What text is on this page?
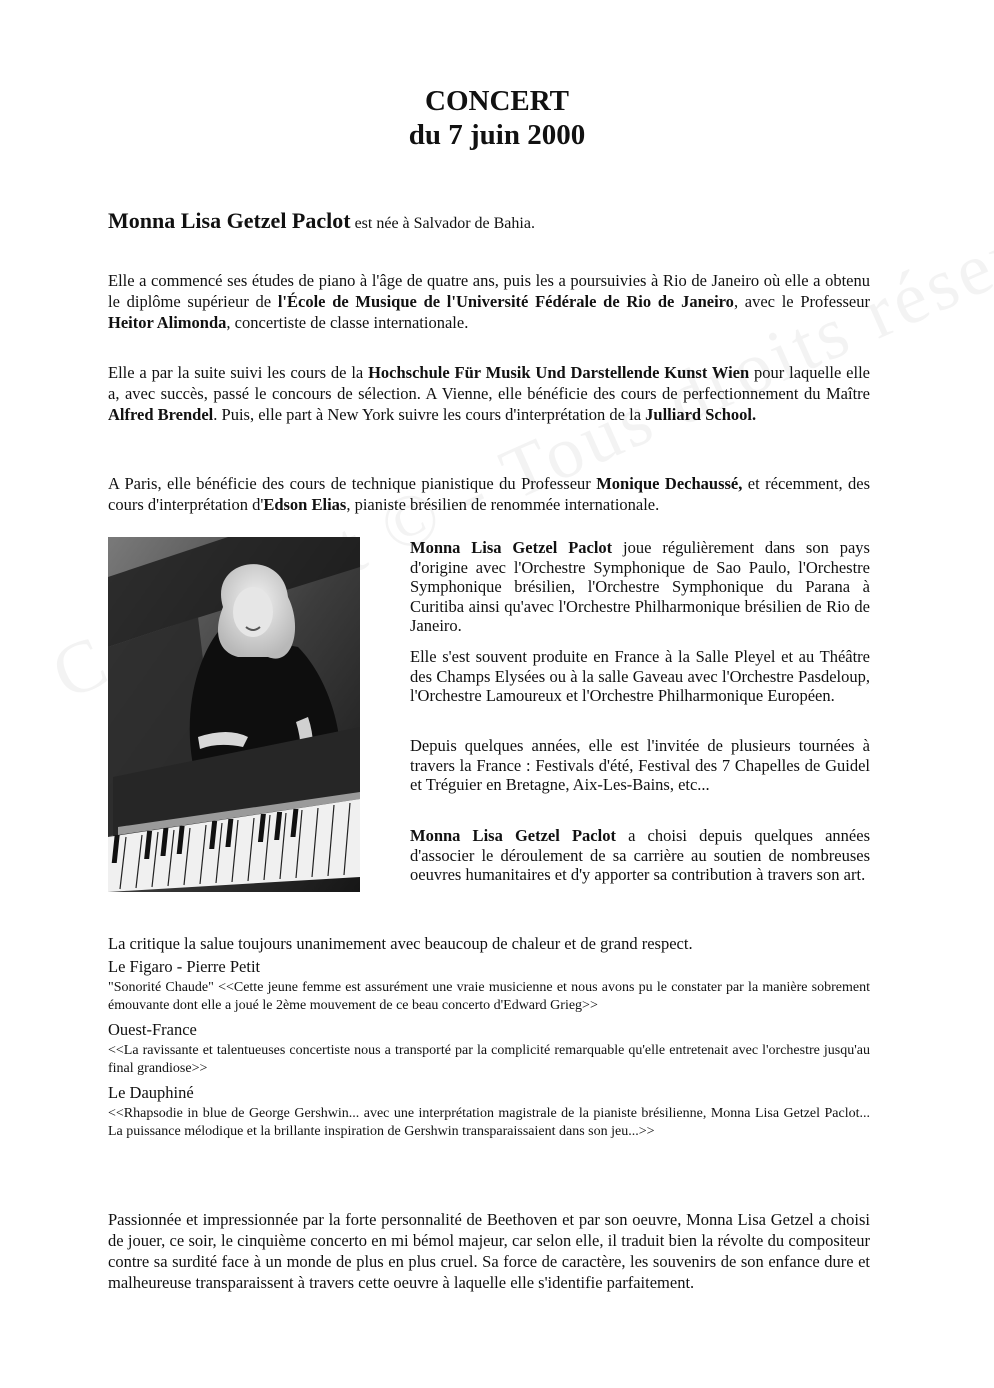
CONCERT
du 7 juin 2000

Monna Lisa Getzel Paclot est née à Salvador de Bahia.

Elle a commencé ses études de piano à l'âge de quatre ans, puis les a poursuivies à Rio de Janeiro où elle a obtenu le diplôme supérieur de l'École de Musique de l'Université Fédérale de Rio de Janeiro, avec le Professeur Heitor Alimonda, concertiste de classe internationale.

Elle a par la suite suivi les cours de la Hochschule Für Musik Und Darstellende Kunst Wien pour laquelle elle a, avec succès, passé le concours de sélection. A Vienne, elle bénéficie des cours de perfectionnement du Maître Alfred Brendel. Puis, elle part à New York suivre les cours d'interprétation de la Julliard School.

A Paris, elle bénéficie des cours de technique pianistique du Professeur Monique Dechaussé, et récemment, des cours d'interprétation d'Edson Elias, pianiste brésilien de renommée internationale.

Monna Lisa Getzel Paclot joue régulièrement dans son pays d'origine avec l'Orchestre Symphonique de Sao Paulo, l'Orchestre Symphonique brésilien, l'Orchestre Symphonique du Parana à Curitiba ainsi qu'avec l'Orchestre Philharmonique brésilien de Rio de Janeiro.

Elle s'est souvent produite en France à la Salle Pleyel et au Théâtre des Champs Elysées ou à la salle Gaveau avec l'Orchestre Pasdeloup, l'Orchestre Lamoureux et l'Orchestre Philharmonique Européen.

Depuis quelques années, elle est l'invitée de plusieurs tournées à travers la France : Festivals d'été, Festival des 7 Chapelles de Guidel et Tréguier en Bretagne, Aix-Les-Bains, etc...

Monna Lisa Getzel Paclot a choisi depuis quelques années d'associer le déroulement de sa carrière au soutien de nombreuses oeuvres humanitaires et d'y apporter sa contribution à travers son art.

La critique la salue toujours unanimement avec beaucoup de chaleur et de grand respect.

Le Figaro - Pierre Petit

"Sonorité Chaude" <<Cette jeune femme est assurément une vraie musicienne et nous avons pu le constater par la manière sobrement émouvante dont elle a joué le 2ème mouvement de ce beau concerto d'Edward Grieg>>

Ouest-France

<<La ravissante et talentueuses concertiste nous a transporté par la complicité remarquable qu'elle entretenait avec l'orchestre jusqu'au final grandiose>>

Le Dauphiné

<<Rhapsodie in blue de George Gershwin... avec une interprétation magistrale de la pianiste brésilienne, Monna Lisa Getzel Paclot... La puissance mélodique et la brillante inspiration de Gershwin transparaissaient dans son jeu...>>

Passionnée et impressionnée par la forte personnalité de Beethoven et par son oeuvre, Monna Lisa Getzel a choisi de jouer, ce soir, le cinquième concerto en mi bémol majeur, car selon elle, il traduit bien la révolte du compositeur contre sa surdité face à un monde de plus en plus cruel. Sa force de caractère, les souvenirs de son enfance dure et malheureuse transparaissent à travers cette oeuvre à laquelle elle s'identifie parfaitement.
